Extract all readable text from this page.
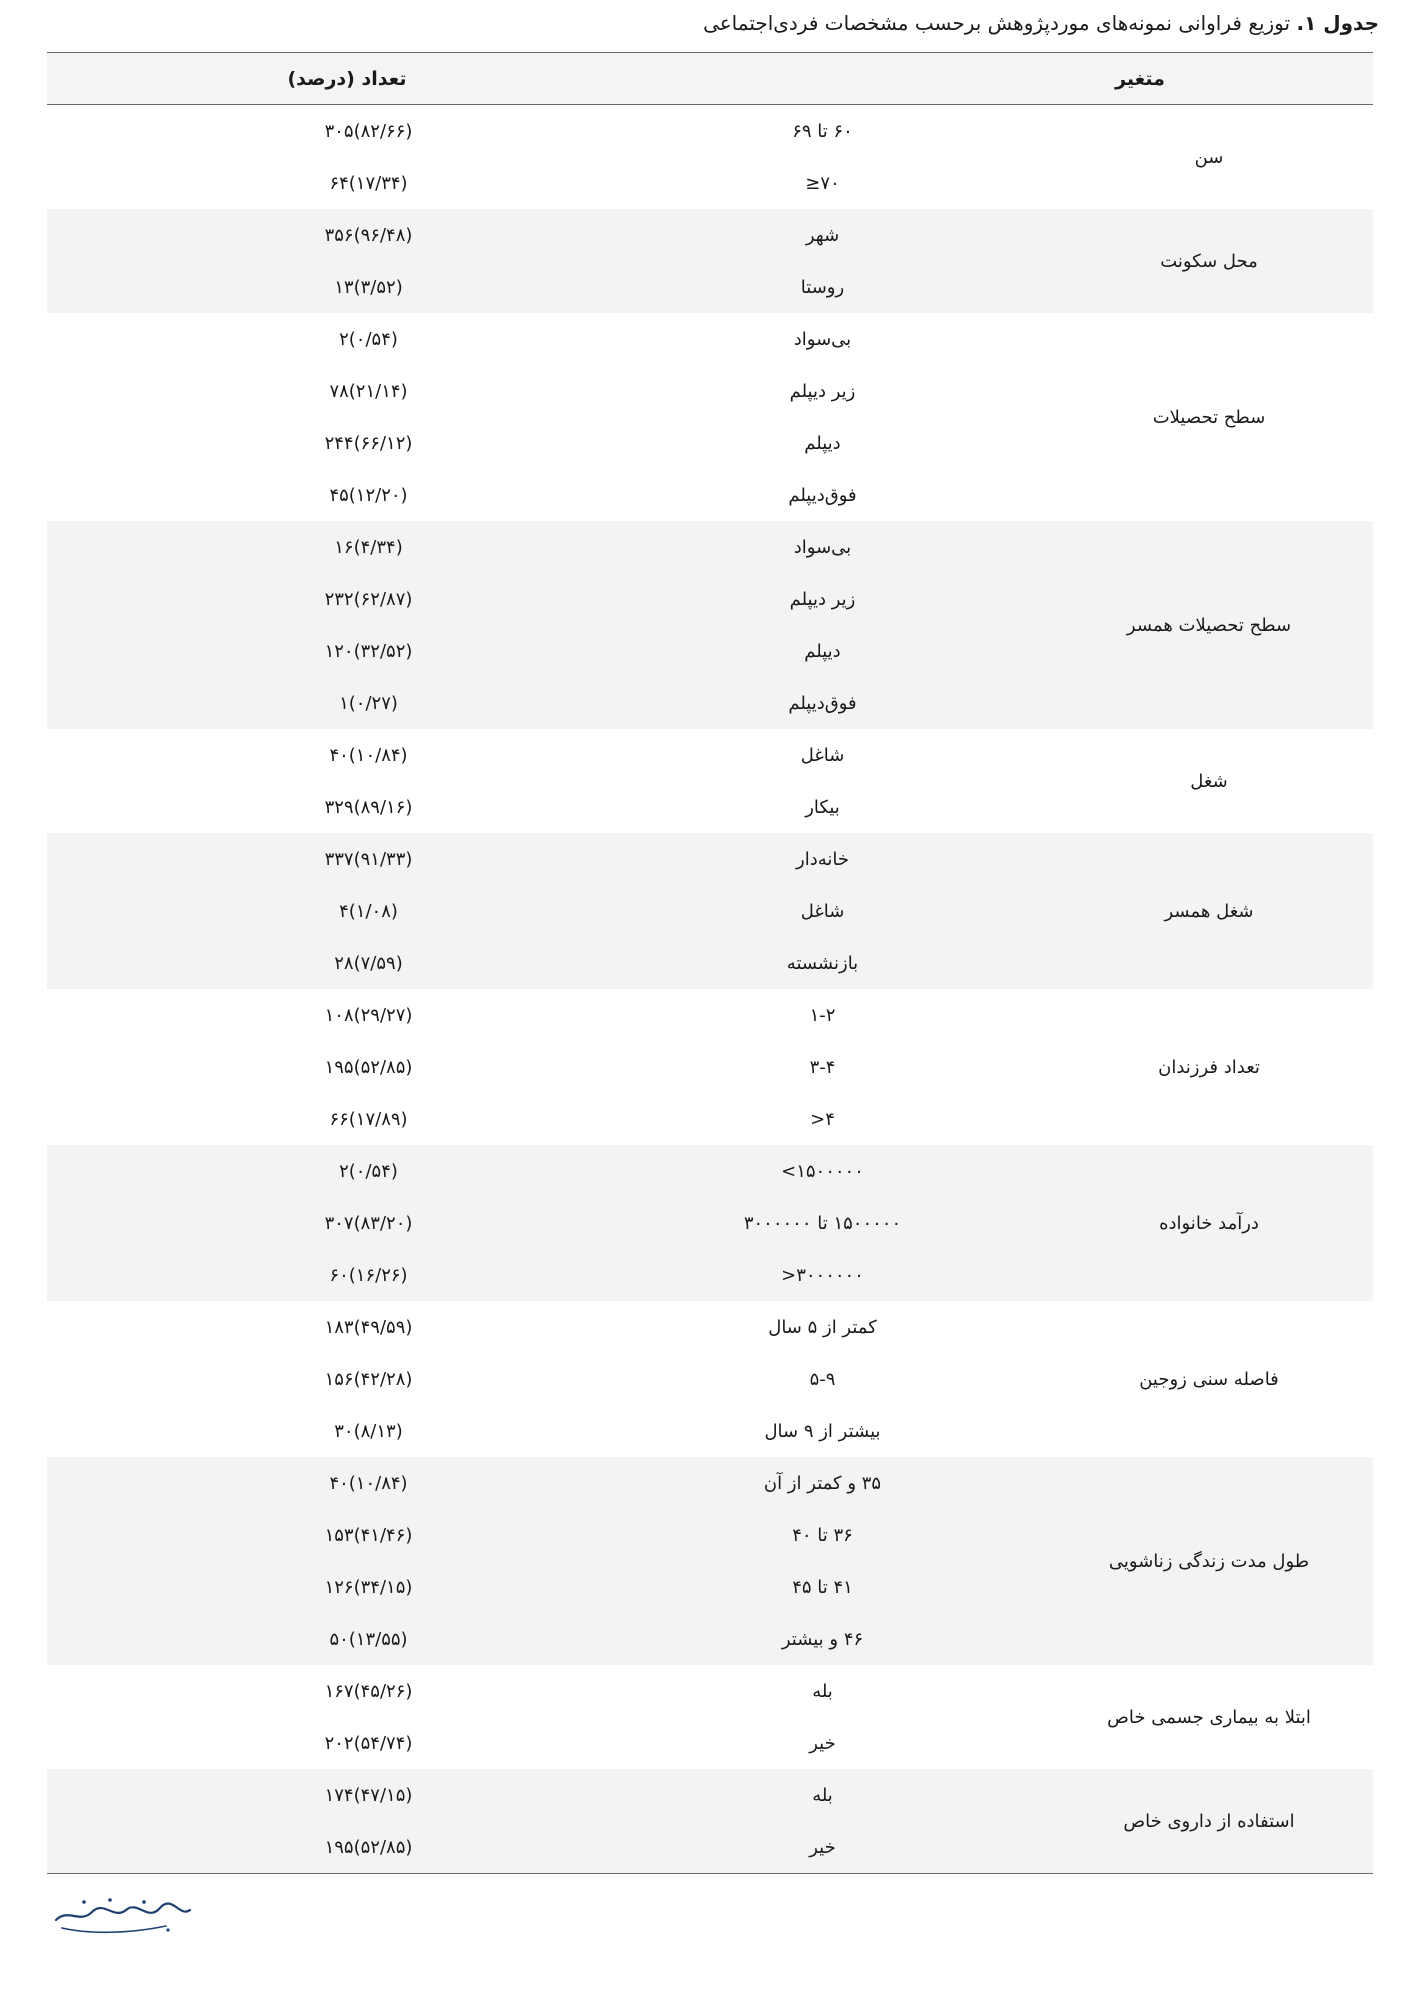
جدول ۱. توزیع فراوانی نمونه‌های موردپژوهش برحسب مشخصات فردی‌اجتماعی
تعداد (درصد)	متغیر
سن
۶۰ تا ۶۹
۳۰۵(۸۲/۶۶)
۷۰≤
۶۴(۱۷/۳۴)
محل سکونت
شهر
۳۵۶(۹۶/۴۸)
روستا
۱۳(۳/۵۲)
سطح تحصیلات
بی‌سواد
۲(۰/۵۴)
زیر دیپلم
۷۸(۲۱/۱۴)
دیپلم
۲۴۴(۶۶/۱۲)
فوق‌دیپلم
۴۵(۱۲/۲۰)
سطح تحصیلات همسر
بی‌سواد
۱۶(۴/۳۴)
زیر دیپلم
۲۳۲(۶۲/۸۷)
دیپلم
۱۲۰(۳۲/۵۲)
فوق‌دیپلم
۱(۰/۲۷)
شغل
شاغل
۴۰(۱۰/۸۴)
بیکار
۳۲۹(۸۹/۱۶)
شغل همسر
خانه‌دار
۳۳۷(۹۱/۳۳)
شاغل
۴(۱/۰۸)
بازنشسته
۲۸(۷/۵۹)
تعداد فرزندان
۱-۲
۱۰۸(۲۹/۲۷)
۳-۴
۱۹۵(۵۲/۸۵)
۴<
۶۶(۱۷/۸۹)
درآمد خانواده
۱۵۰۰۰۰۰>
۲(۰/۵۴)
۱۵۰۰۰۰۰ تا ۳۰۰۰۰۰۰
۳۰۷(۸۳/۲۰)
۳۰۰۰۰۰۰<
۶۰(۱۶/۲۶)
فاصله سنی زوجین
کمتر از ۵ سال
۱۸۳(۴۹/۵۹)
۵-۹
۱۵۶(۴۲/۲۸)
بیشتر از ۹ سال
۳۰(۸/۱۳)
طول مدت زندگی زناشویی
۳۵ و کمتر از آن
۴۰(۱۰/۸۴)
۳۶ تا ۴۰
۱۵۳(۴۱/۴۶)
۴۱ تا ۴۵
۱۲۶(۳۴/۱۵)
۴۶ و بیشتر
۵۰(۱۳/۵۵)
ابتلا به بیماری جسمی خاص
بله
۱۶۷(۴۵/۲۶)
خیر
۲۰۲(۵۴/۷۴)
استفاده از داروی خاص
بله
۱۷۴(۴۷/۱۵)
خیر
۱۹۵(۵۲/۸۵)
